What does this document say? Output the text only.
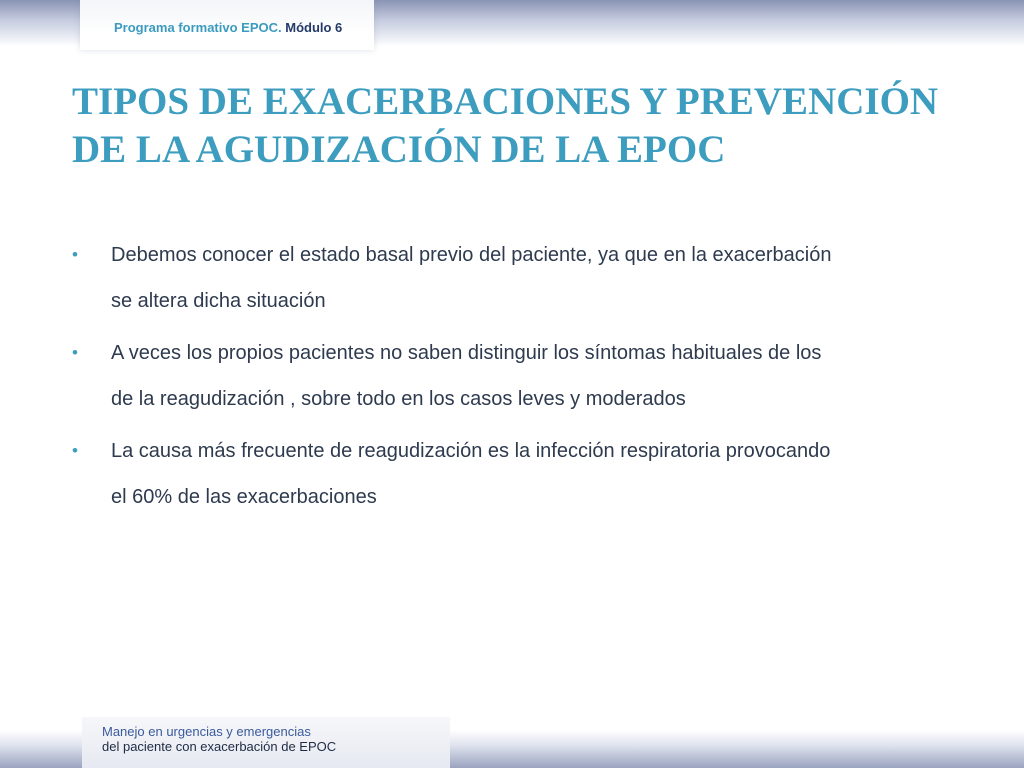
Programa formativo EPOC. Módulo 6
TIPOS DE EXACERBACIONES Y PREVENCIÓN
DE LA AGUDIZACIÓN DE LA EPOC
• Debemos conocer el estado basal previo del paciente, ya que en la exacerbación
se altera dicha situación
• A veces los propios pacientes no saben distinguir los síntomas habituales de los
de la reagudización , sobre todo en los casos leves y moderados
• La causa más frecuente de reagudización es la infección respiratoria provocando
el 60% de las exacerbaciones
Manejo en urgencias y emergencias
del paciente con exacerbación de EPOC
